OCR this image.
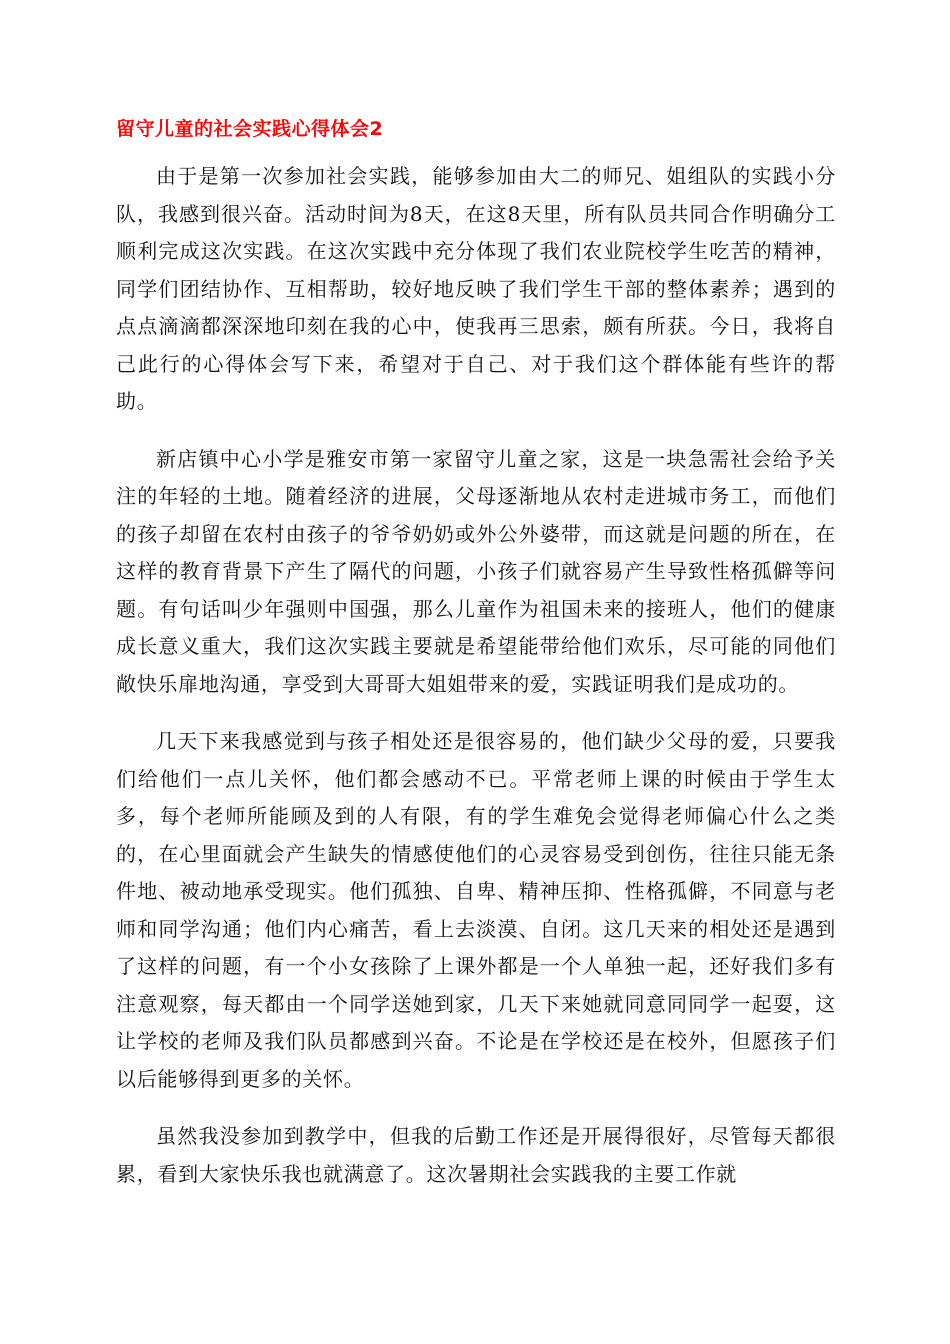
留守儿童的社会实践心得体会2

由于是第一次参加社会实践，能够参加由大二的师兄、姐组队的实践小分队，我感到很兴奋。活动时间为8天，在这8天里，所有队员共同合作明确分工顺利完成这次实践。在这次实践中充分体现了我们农业院校学生吃苦的精神，同学们团结协作、互相帮助，较好地反映了我们学生干部的整体素养；遇到的点点滴滴都深深地印刻在我的心中，使我再三思索，颇有所获。今日，我将自己此行的心得体会写下来，希望对于自己、对于我们这个群体能有些许的帮助。

新店镇中心小学是雅安市第一家留守儿童之家，这是一块急需社会给予关注的年轻的土地。随着经济的进展，父母逐渐地从农村走进城市务工，而他们的孩子却留在农村由孩子的爷爷奶奶或外公外婆带，而这就是问题的所在，在这样的教育背景下产生了隔代的问题，小孩子们就容易产生导致性格孤僻等问题。有句话叫少年强则中国强，那么儿童作为祖国未来的接班人，他们的健康成长意义重大，我们这次实践主要就是希望能带给他们欢乐，尽可能的同他们敞快乐扉地沟通，享受到大哥哥大姐姐带来的爱，实践证明我们是成功的。

几天下来我感觉到与孩子相处还是很容易的，他们缺少父母的爱，只要我们给他们一点儿关怀，他们都会感动不已。平常老师上课的时候由于学生太多，每个老师所能顾及到的人有限，有的学生难免会觉得老师偏心什么之类的，在心里面就会产生缺失的情感使他们的心灵容易受到创伤，往往只能无条件地、被动地承受现实。他们孤独、自卑、精神压抑、性格孤僻，不同意与老师和同学沟通；他们内心痛苦，看上去淡漠、自闭。这几天来的相处还是遇到了这样的问题，有一个小女孩除了上课外都是一个人单独一起，还好我们多有注意观察，每天都由一个同学送她到家，几天下来她就同意同同学一起耍，这让学校的老师及我们队员都感到兴奋。不论是在学校还是在校外，但愿孩子们以后能够得到更多的关怀。

虽然我没参加到教学中，但我的后勤工作还是开展得很好，尽管每天都很累，看到大家快乐我也就满意了。这次暑期社会实践我的主要工作就
